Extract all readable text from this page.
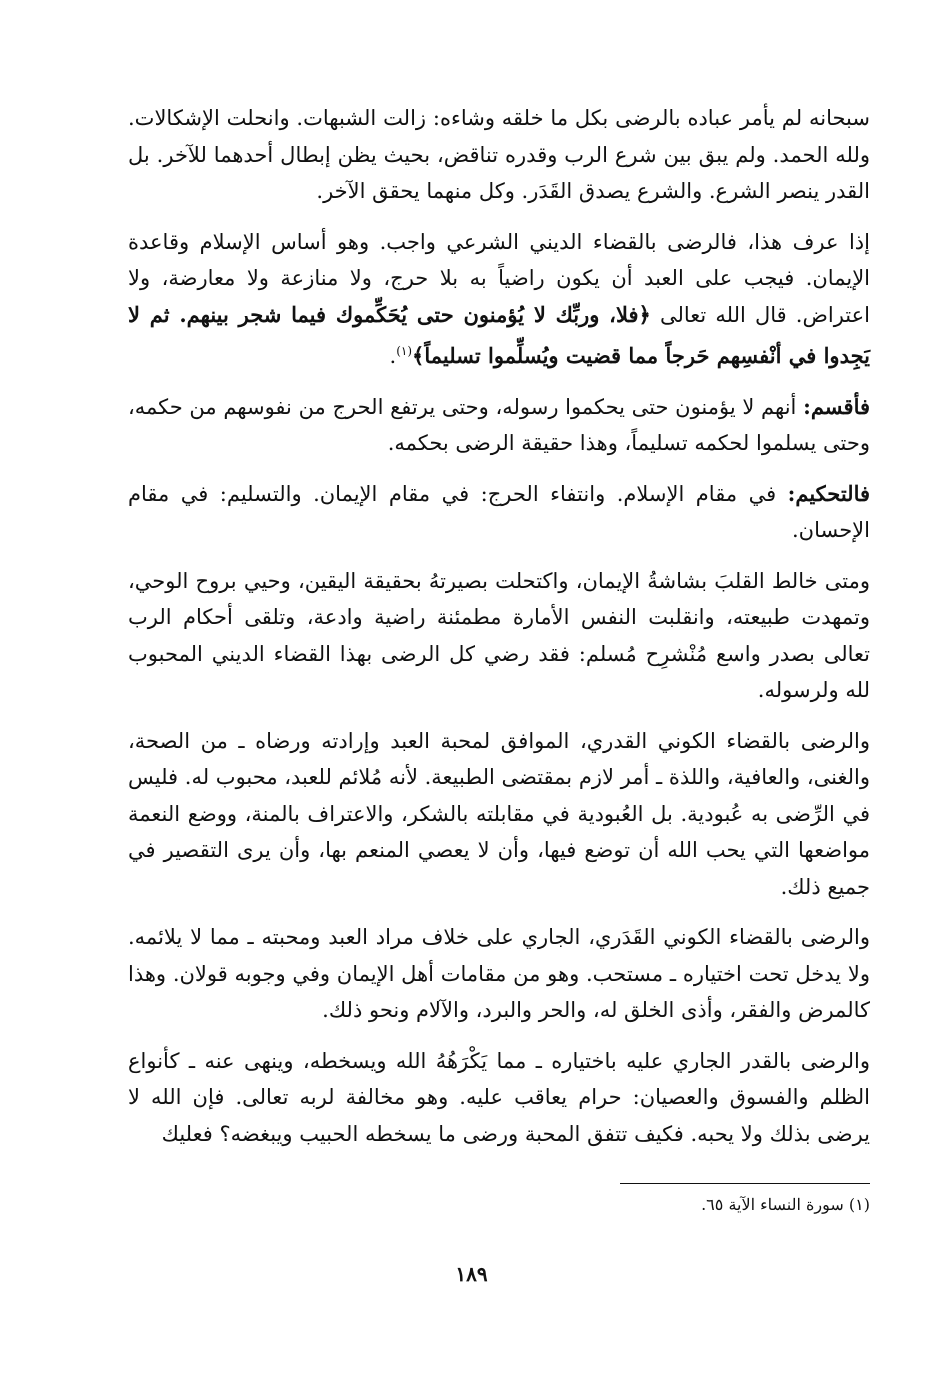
سبحانه لم يأمر عباده بالرضى بكل ما خلقه وشاءه: زالت الشبهات. وانحلت الإشكالات. ولله الحمد. ولم يبق بين شرع الرب وقدره تناقض، بحيث يظن إبطال أحدهما للآخر. بل القدر ينصر الشرع. والشرع يصدق القَدَر. وكل منهما يحقق الآخر.

إذا عرف هذا، فالرضى بالقضاء الديني الشرعي واجب. وهو أساس الإسلام وقاعدة الإيمان. فيجب على العبد أن يكون راضياً به بلا حرج، ولا منازعة ولا معارضة، ولا اعتراض. قال الله تعالى ﴿فلا، وربِّك لا يُؤمنون حتى يُحَكِّموك فيما شجر بينهم. ثم لا يَجِدوا في أنْفسِهم حَرجاً مما قضيت ويُسلِّموا تسليماً﴾$^{(١)}$.

فأقسم: أنهم لا يؤمنون حتى يحكموا رسوله، وحتى يرتفع الحرج من نفوسهم من حكمه، وحتى يسلموا لحكمه تسليماً، وهذا حقيقة الرضى بحكمه.

فالتحكيم: في مقام الإسلام. وانتفاء الحرج: في مقام الإيمان. والتسليم: في مقام الإحسان.

ومتى خالط القلبَ بشاشةُ الإيمان، واكتحلت بصيرتهُ بحقيقة اليقين، وحيي بروح الوحي، وتمهدت طبيعته، وانقلبت النفس الأمارة مطمئنة راضية وادعة، وتلقى أحكام الرب تعالى بصدر واسع مُنْشرِح مُسلم: فقد رضي كل الرضى بهذا القضاء الديني المحبوب لله ولرسوله.

والرضى بالقضاء الكوني القدري، الموافق لمحبة العبد وإرادته ورضاه ـ من الصحة، والغنى، والعافية، واللذة ـ أمر لازم بمقتضى الطبيعة. لأنه مُلائم للعبد، محبوب له. فليس في الرِّضى به عُبودية. بل العُبودية في مقابلته بالشكر، والاعتراف بالمنة، ووضع النعمة مواضعها التي يحب الله أن توضع فيها، وأن لا يعصي المنعم بها، وأن يرى التقصير في جميع ذلك.

والرضى بالقضاء الكوني القَدَري، الجاري على خلاف مراد العبد ومحبته ـ مما لا يلائمه. ولا يدخل تحت اختياره ـ مستحب. وهو من مقامات أهل الإيمان وفي وجوبه قولان. وهذا كالمرض والفقر، وأذى الخلق له، والحر والبرد، والآلام ونحو ذلك.

والرضى بالقدر الجاري عليه باختياره ـ مما يَكْرَهُهُ الله ويسخطه، وينهى عنه ـ كأنواع الظلم والفسوق والعصيان: حرام يعاقب عليه. وهو مخالفة لربه تعالى. فإن الله لا يرضى بذلك ولا يحبه. فكيف تتفق المحبة ورضى ما يسخطه الحبيب ويبغضه؟ فعليك

(١) سورة النساء الآية ٦٥.
١٨٩
